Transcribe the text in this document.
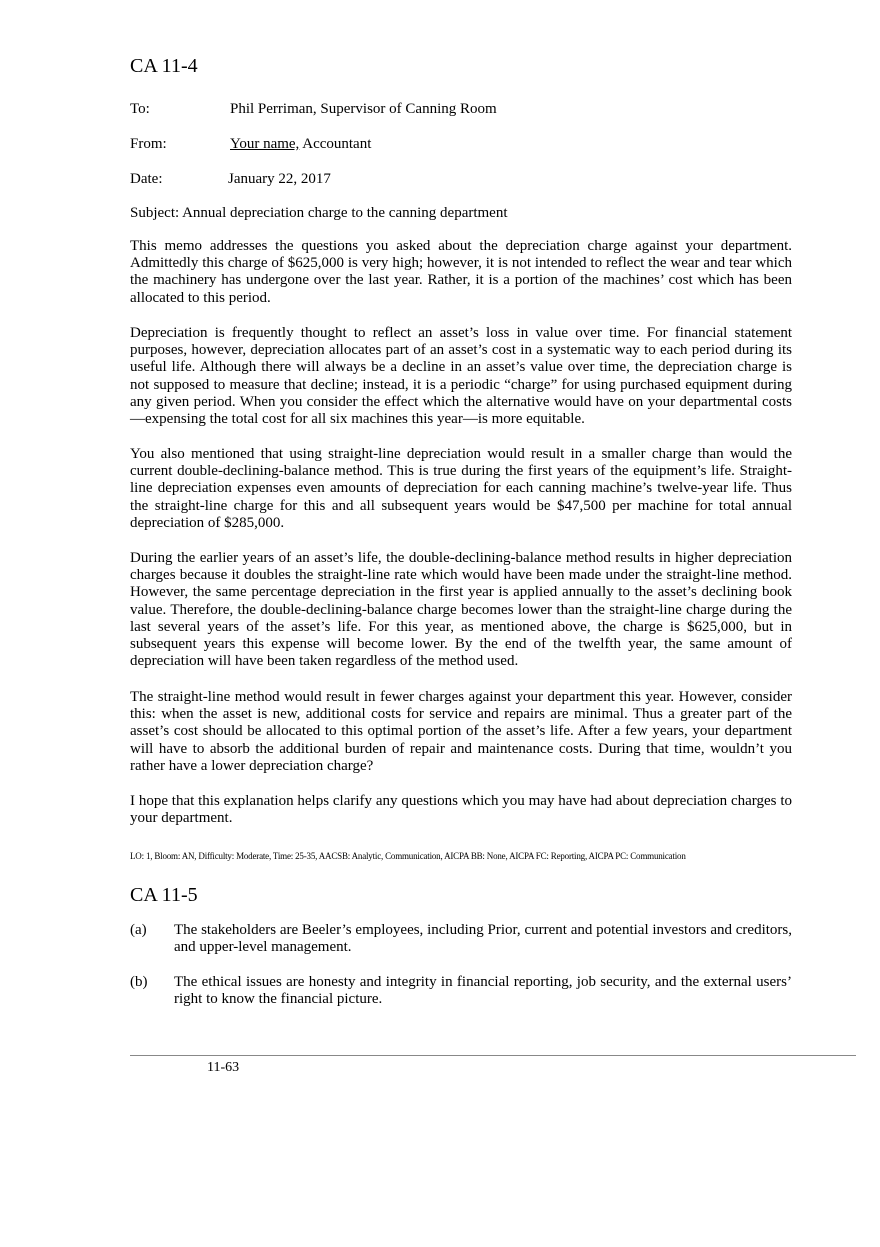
CA 11-4
To:	Phil Perriman, Supervisor of Canning Room
From:	Your name, Accountant
Date:	January 22, 2017
Subject: Annual depreciation charge to the canning department
This memo addresses the questions you asked about the depreciation charge against your department. Admittedly this charge of $625,000 is very high; however, it is not intended to reflect the wear and tear which the machinery has undergone over the last year. Rather, it is a portion of the machines’ cost which has been allocated to this period.
Depreciation is frequently thought to reflect an asset’s loss in value over time. For financial statement purposes, however, depreciation allocates part of an asset’s cost in a systematic way to each period during its useful life. Although there will always be a decline in an asset’s value over time, the depreciation charge is not supposed to measure that decline; instead, it is a periodic “charge” for using purchased equipment during any given period. When you consider the effect which the alternative would have on your departmental costs—expensing the total cost for all six machines this year—is more equitable.
You also mentioned that using straight-line depreciation would result in a smaller charge than would the current double-declining-balance method. This is true during the first years of the equipment’s life. Straight-line depreciation expenses even amounts of depreciation for each canning machine’s twelve-year life. Thus the straight-line charge for this and all subsequent years would be $47,500 per machine for total annual depreciation of $285,000.
During the earlier years of an asset’s life, the double-declining-balance method results in higher depreciation charges because it doubles the straight-line rate which would have been made under the straight-line method. However, the same percentage depreciation in the first year is applied annually to the asset’s declining book value. Therefore, the double-declining-balance charge becomes lower than the straight-line charge during the last several years of the asset’s life. For this year, as mentioned above, the charge is $625,000, but in subsequent years this expense will become lower. By the end of the twelfth year, the same amount of depreciation will have been taken regardless of the method used.
The straight-line method would result in fewer charges against your department this year. However, consider this: when the asset is new, additional costs for service and repairs are minimal. Thus a greater part of the asset’s cost should be allocated to this optimal portion of the asset’s life. After a few years, your department will have to absorb the additional burden of repair and maintenance costs. During that time, wouldn’t you rather have a lower depreciation charge?
I hope that this explanation helps clarify any questions which you may have had about depreciation charges to your department.
LO: 1, Bloom: AN, Difficulty: Moderate, Time: 25-35, AACSB: Analytic, Communication, AICPA BB: None, AICPA FC: Reporting, AICPA PC: Communication
CA 11-5
(a)	The stakeholders are Beeler’s employees, including Prior, current and potential investors and creditors, and upper-level management.
(b)	The ethical issues are honesty and integrity in financial reporting, job security, and the external users’ right to know the financial picture.
11-63
